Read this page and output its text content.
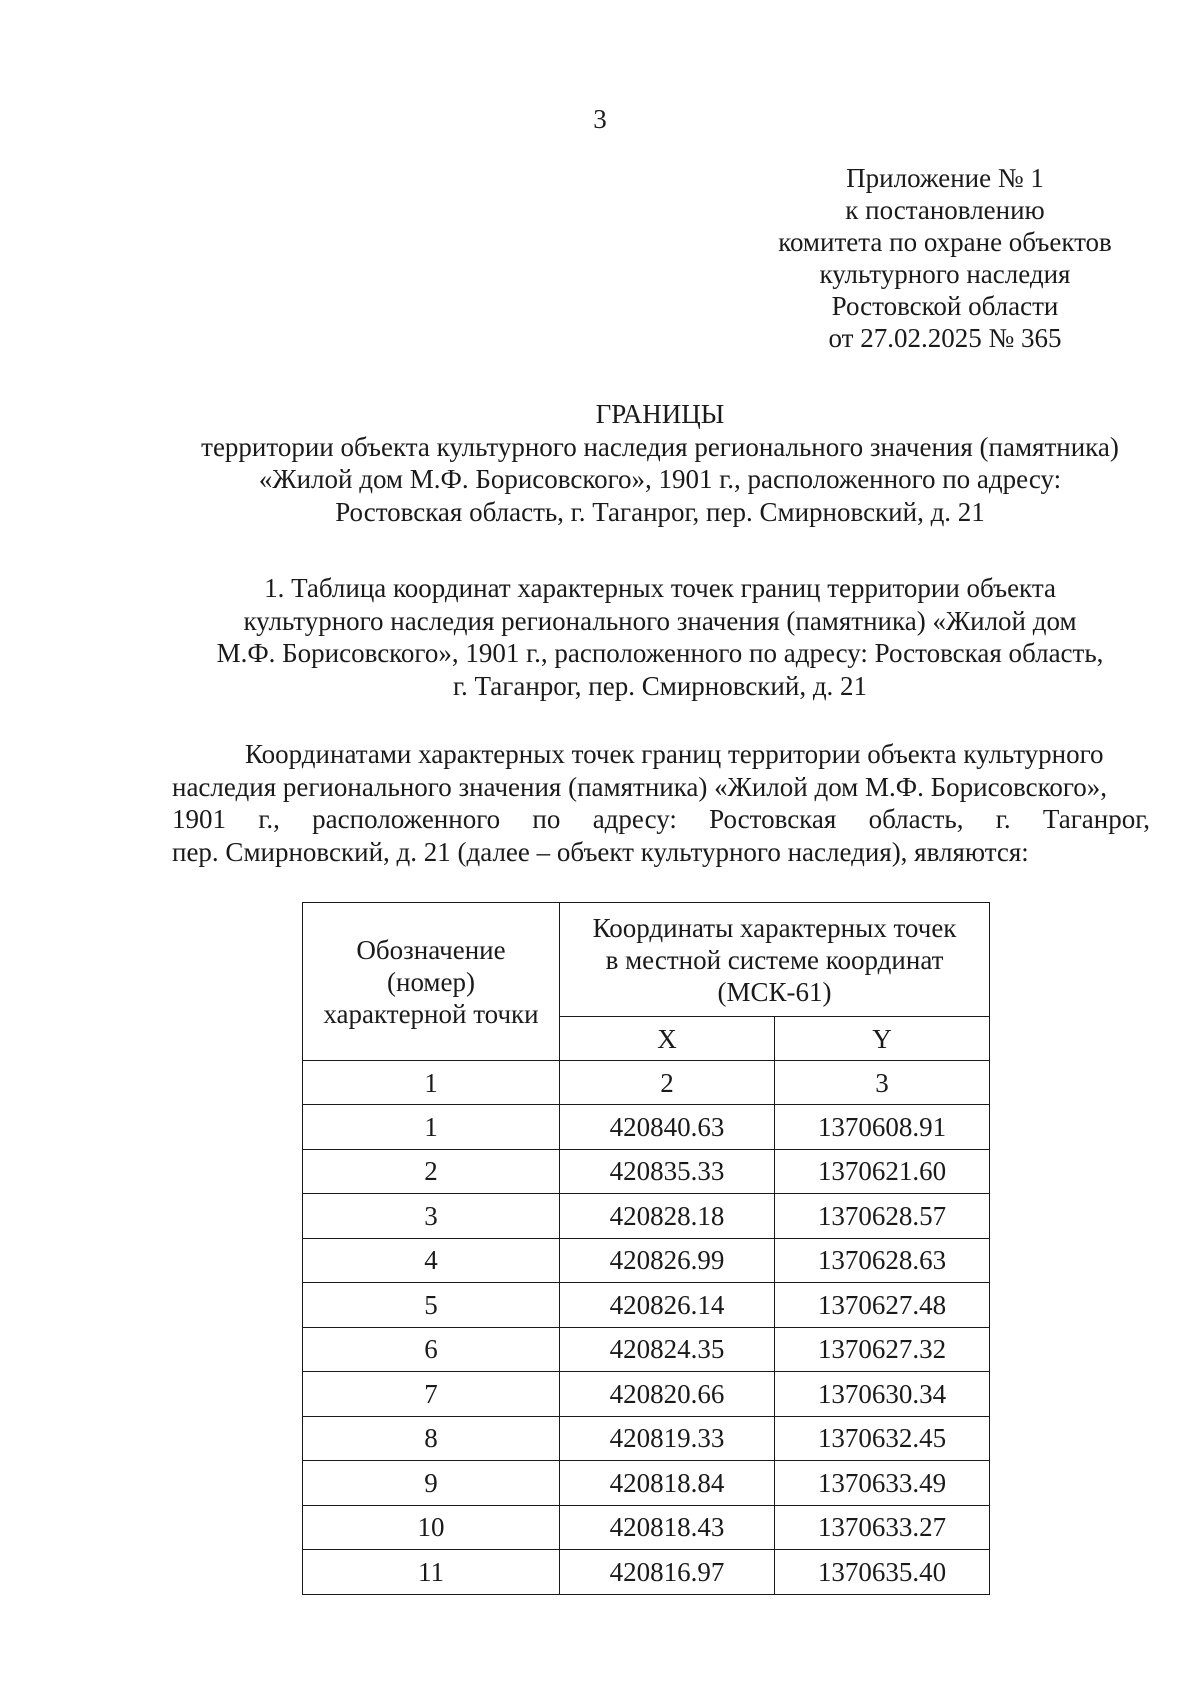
3
Приложение № 1
к постановлению
комитета по охране объектов
культурного наследия
Ростовской области
от 27.02.2025 № 365
ГРАНИЦЫ
территории объекта культурного наследия регионального значения (памятника)
«Жилой дом М.Ф. Борисовского», 1901 г., расположенного по адресу:
Ростовская область, г. Таганрог, пер. Смирновский, д. 21
1. Таблица координат характерных точек границ территории объекта
культурного наследия регионального значения (памятника) «Жилой дом
М.Ф. Борисовского», 1901 г., расположенного по адресу: Ростовская область,
г. Таганрог, пер. Смирновский, д. 21
Координатами характерных точек границ территории объекта культурного
наследия регионального значения (памятника) «Жилой дом М.Ф. Борисовского»,
1901 г., расположенного по адресу: Ростовская область, г. Таганрог,
пер. Смирновский, д. 21 (далее – объект культурного наследия), являются:
Обозначение
(номер)
характерной точки	Координаты характерных точек
в местной системе координат
(МСК-61)	

	X	Y
1	2	3
1	420840.63	1370608.91
2	420835.33	1370621.60
3	420828.18	1370628.57
4	420826.99	1370628.63
5	420826.14	1370627.48
6	420824.35	1370627.32
7	420820.66	1370630.34
8	420819.33	1370632.45
9	420818.84	1370633.49
10	420818.43	1370633.27
11	420816.97	1370635.40
